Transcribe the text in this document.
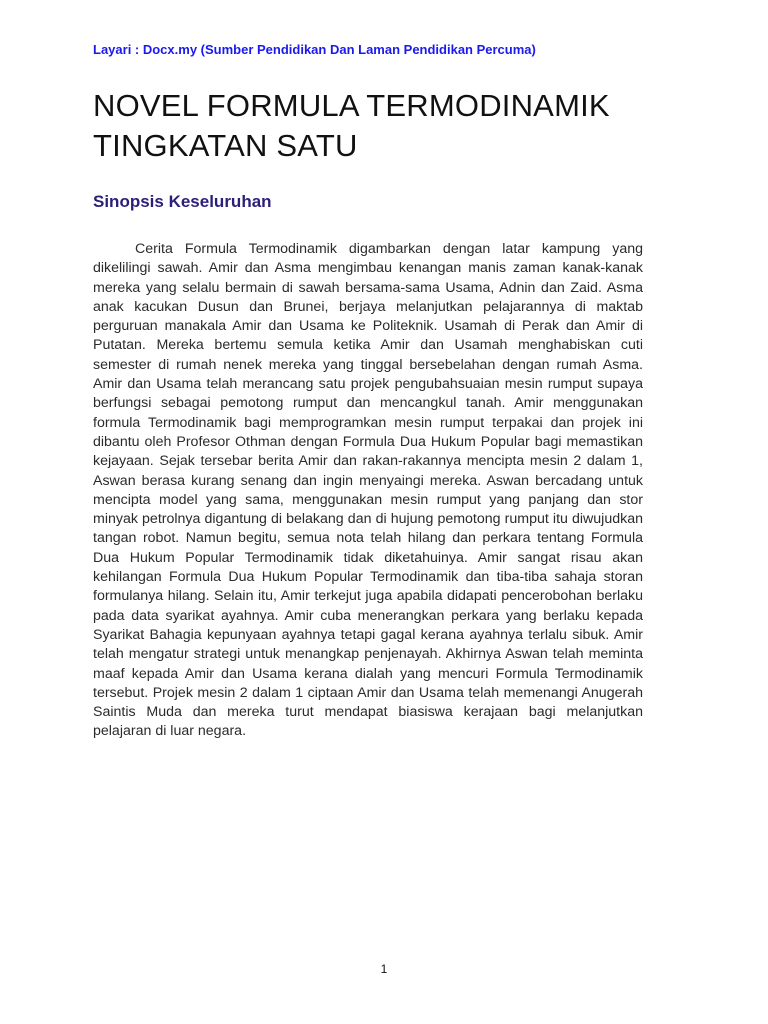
Layari : Docx.my (Sumber Pendidikan Dan Laman Pendidikan Percuma)
NOVEL FORMULA TERMODINAMIK TINGKATAN SATU
Sinopsis Keseluruhan

Cerita Formula Termodinamik digambarkan dengan latar kampung yang dikelilingi sawah. Amir dan Asma mengimbau kenangan manis zaman kanak-kanak mereka yang selalu bermain di sawah bersama-sama Usama, Adnin dan Zaid. Asma anak kacukan Dusun dan Brunei, berjaya melanjutkan pelajarannya di maktab perguruan manakala Amir dan Usama ke Politeknik. Usamah di Perak dan Amir di Putatan. Mereka bertemu semula ketika Amir dan Usamah menghabiskan cuti semester di rumah nenek mereka yang tinggal bersebelahan dengan rumah Asma. Amir dan Usama telah merancang satu projek pengubahsuaian mesin rumput supaya berfungsi sebagai pemotong rumput dan mencangkul tanah. Amir menggunakan formula Termodinamik bagi memprogramkan mesin rumput terpakai dan projek ini dibantu oleh Profesor Othman dengan Formula Dua Hukum Popular bagi memastikan kejayaan. Sejak tersebar berita Amir dan rakan-rakannya mencipta mesin 2 dalam 1, Aswan berasa kurang senang dan ingin menyaingi mereka. Aswan bercadang untuk mencipta model yang sama, menggunakan mesin rumput yang panjang dan stor minyak petrolnya digantung di belakang dan di hujung pemotong rumput itu diwujudkan tangan robot. Namun begitu, semua nota telah hilang dan perkara tentang Formula Dua Hukum Popular Termodinamik tidak diketahuinya. Amir sangat risau akan kehilangan Formula Dua Hukum Popular Termodinamik dan tiba-tiba sahaja storan formulanya hilang. Selain itu, Amir terkejut juga apabila didapati pencerobohan berlaku pada data syarikat ayahnya. Amir cuba menerangkan perkara yang berlaku kepada Syarikat Bahagia kepunyaan ayahnya tetapi gagal kerana ayahnya terlalu sibuk. Amir telah mengatur strategi untuk menangkap penjenayah. Akhirnya Aswan telah meminta maaf kepada Amir dan Usama kerana dialah yang mencuri Formula Termodinamik tersebut. Projek mesin 2 dalam 1 ciptaan Amir dan Usama telah memenangi Anugerah Saintis Muda dan mereka turut mendapat biasiswa kerajaan bagi melanjutkan pelajaran di luar negara.

1
